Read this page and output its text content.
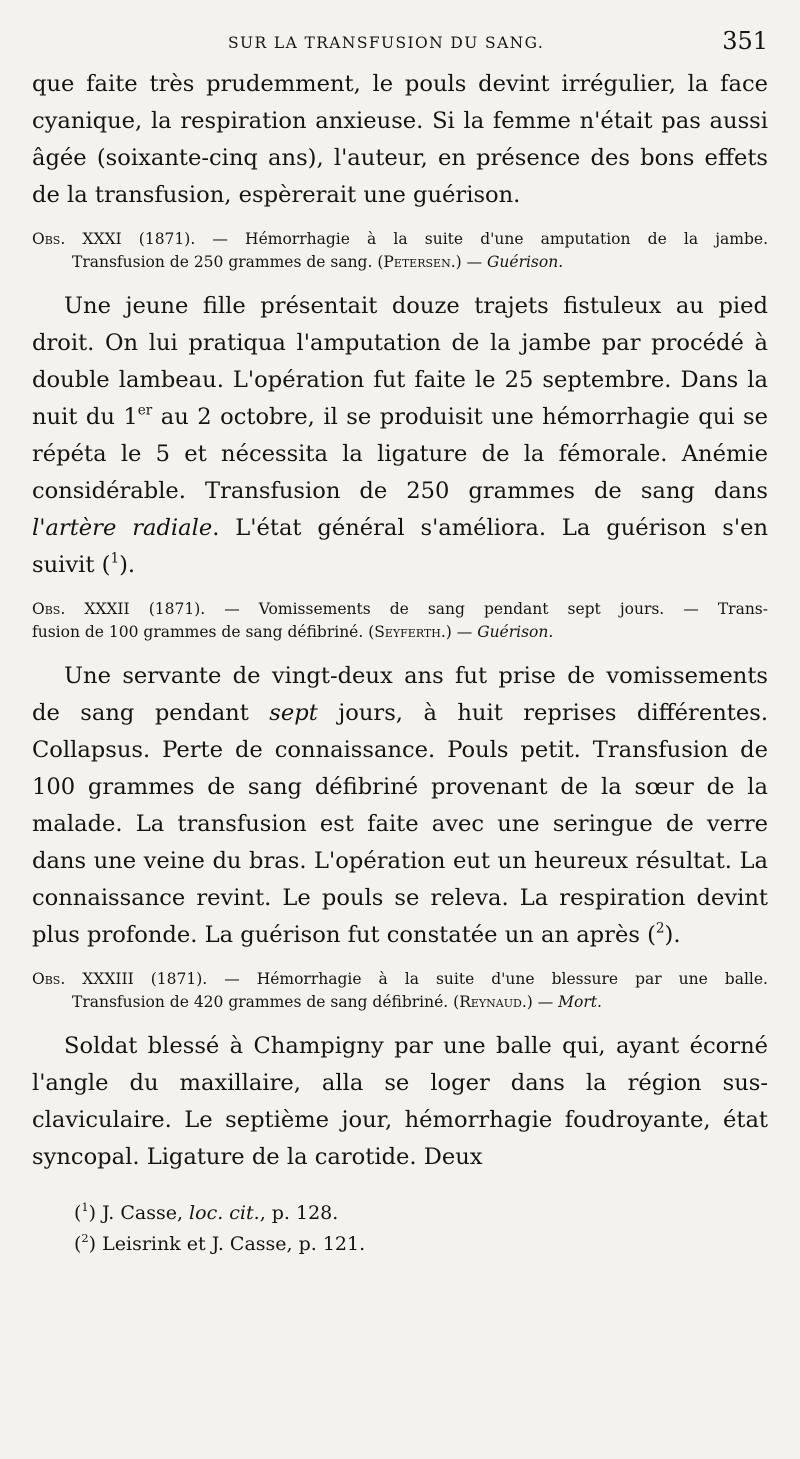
SUR LA TRANSFUSION DU SANG.	351

que faite très prudemment, le pouls devint irrégulier, la face cyanique, la respiration anxieuse. Si la femme n'était pas aussi âgée (soixante-cinq ans), l'auteur, en présence des bons effets de la transfusion, espèrerait une guérison.

Obs. XXXI (1871). — Hémorrhagie à la suite d'une amputation de la jambe.
Transfusion de 250 grammes de sang. (Petersen.) — Guérison.

Une jeune fille présentait douze trajets fistuleux au pied droit. On lui pratiqua l'amputation de la jambe par procédé à double lambeau. L'opération fut faite le 25 septembre. Dans la nuit du 1er au 2 octobre, il se produisit une hémorrhagie qui se répéta le 5 et nécessita la ligature de la fémorale. Anémie considérable. Transfusion de 250 grammes de sang dans l'artère radiale. L'état général s'améliora. La guérison s'en suivit ($^1$).

Obs. XXXII (1871). — Vomissements de sang pendant sept jours. — Trans-
fusion de 100 grammes de sang défibriné. (Seyferth.) — Guérison.

Une servante de vingt-deux ans fut prise de vomissements de sang pendant sept jours, à huit reprises différentes. Collapsus. Perte de connaissance. Pouls petit. Transfusion de 100 grammes de sang défibriné provenant de la sœur de la malade. La transfusion est faite avec une seringue de verre dans une veine du bras. L'opération eut un heureux résultat. La connaissance revint. Le pouls se releva. La respiration devint plus profonde. La guérison fut constatée un an après ($^2$).

Obs. XXXIII (1871). — Hémorrhagie à la suite d'une blessure par une balle.
Transfusion de 420 grammes de sang défibriné. (Reynaud.) — Mort.

Soldat blessé à Champigny par une balle qui, ayant écorné l'angle du maxillaire, alla se loger dans la région sus-claviculaire. Le septième jour, hémorrhagie foudroyante, état syncopal. Ligature de la carotide. Deux

($^1$) J. Casse, loc. cit., p. 128.
($^2$) Leisrink et J. Casse, p. 121.
